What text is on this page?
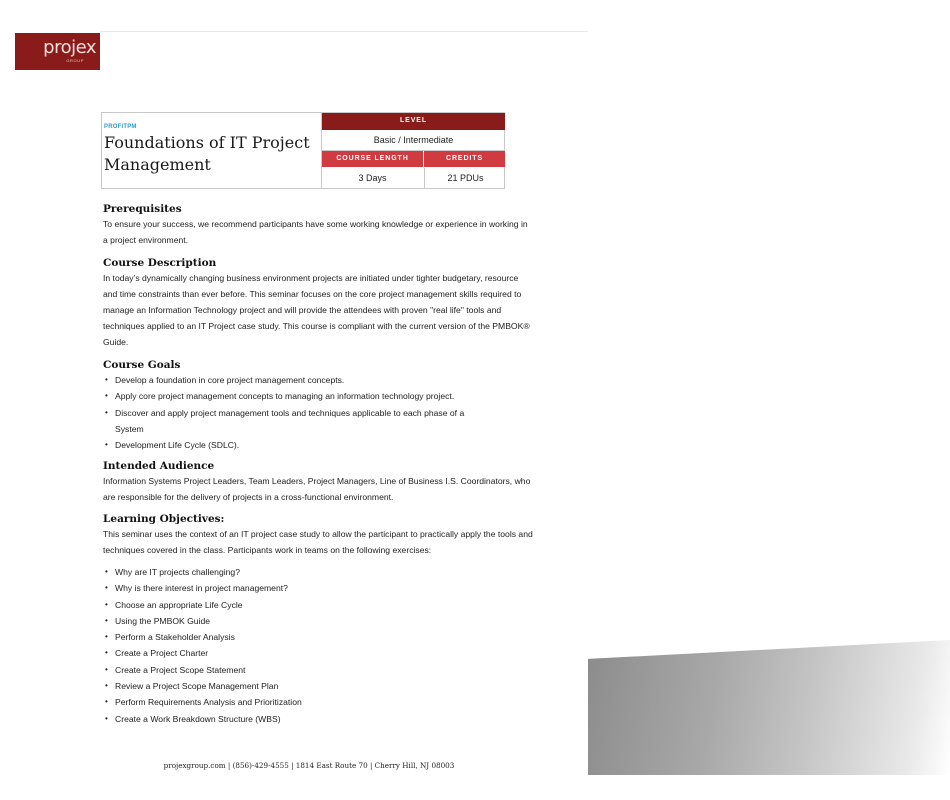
projex
GROUP
PROFITPM
Foundations of IT Project Management
LEVEL
Basic / Intermediate
COURSE LENGTH	CREDITS
3 Days	21 PDUs
Prerequisites

To ensure your success, we recommend participants have some working knowledge or experience in working in a project environment.

Course Description

In today’s dynamically changing business environment projects are initiated under tighter budgetary, resource and time constraints than ever before. This seminar focuses on the core project management skills required to manage an Information Technology project and will provide the attendees with proven "real life" tools and techniques applied to an IT Project case study. This course is compliant with the current version of the PMBOK® Guide.

Course Goals
• Develop a foundation in core project management concepts.
• Apply core project management concepts to managing an information technology project.
• Discover and apply project management tools and techniques applicable to each phase of a

System

• Development Life Cycle (SDLC).
Intended Audience

Information Systems Project Leaders, Team Leaders, Project Managers, Line of Business I.S. Coordinators, who are responsible for the delivery of projects in a cross-functional environment.

Learning Objectives:

This seminar uses the context of an IT project case study to allow the participant to practically apply the tools and techniques covered in the class. Participants work in teams on the following exercises:

• Why are IT projects challenging?
• Why is there interest in project management?
• Choose an appropriate Life Cycle
• Using the PMBOK Guide
• Perform a Stakeholder Analysis
• Create a Project Charter
• Create a Project Scope Statement
• Review a Project Scope Management Plan
• Perform Requirements Analysis and Prioritization
• Create a Work Breakdown Structure (WBS)
projexgroup.com | (856)-429-4555 | 1814 East Route 70 | Cherry Hill, NJ 08003
